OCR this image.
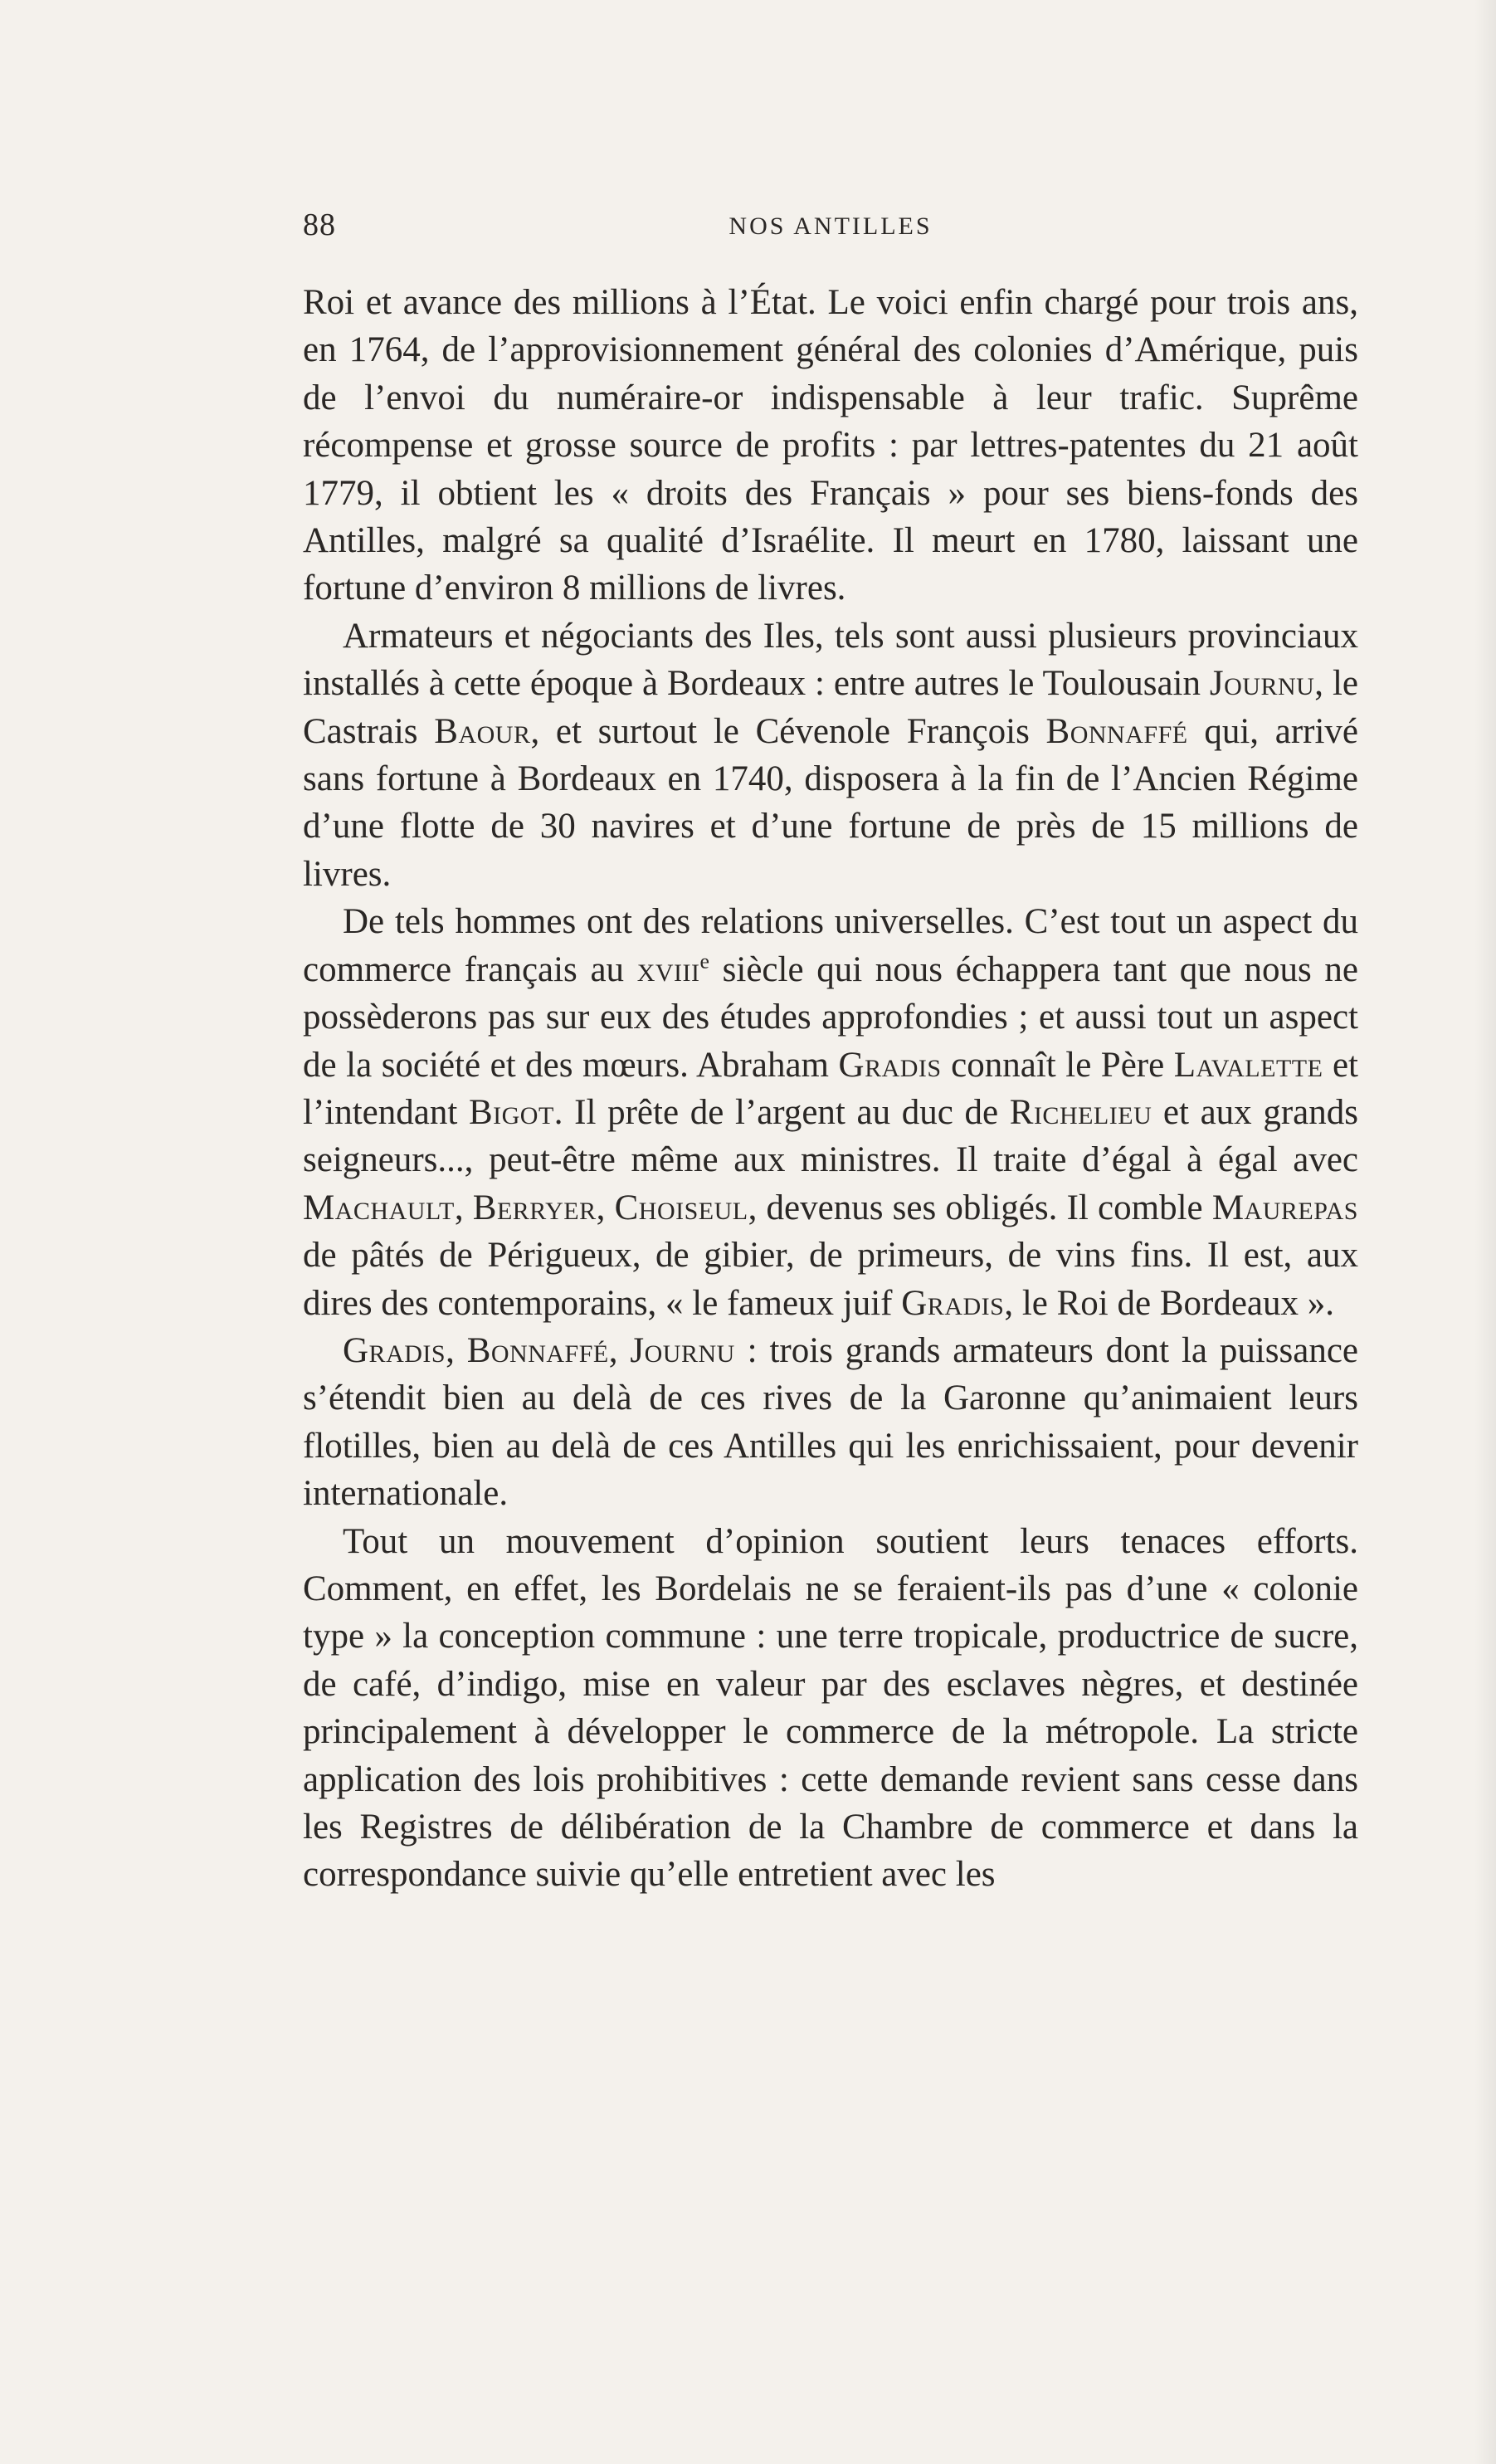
88	NOS ANTILLES

Roi et avance des millions à l’État. Le voici enfin chargé pour trois ans, en 1764, de l’approvisionnement général des colonies d’Amérique, puis de l’envoi du numéraire-or indispensable à leur trafic. Suprême récompense et grosse source de profits : par lettres-patentes du 21 août 1779, il obtient les « droits des Français » pour ses biens-fonds des Antilles, malgré sa qualité d’Israélite. Il meurt en 1780, laissant une fortune d’environ 8 millions de livres.

Armateurs et négociants des Iles, tels sont aussi plusieurs provinciaux installés à cette époque à Bordeaux : entre autres le Toulousain Journu, le Castrais Baour, et surtout le Cévenole François Bonnaffé qui, arrivé sans fortune à Bordeaux en 1740, disposera à la fin de l’Ancien Régime d’une flotte de 30 navires et d’une fortune de près de 15 millions de livres.

De tels hommes ont des relations universelles. C’est tout un aspect du commerce français au xviii$^e$ siècle qui nous échappera tant que nous ne possèderons pas sur eux des études approfondies ; et aussi tout un aspect de la société et des mœurs. Abraham Gradis connaît le Père Lavalette et l’intendant Bigot. Il prête de l’argent au duc de Richelieu et aux grands seigneurs..., peut-être même aux ministres. Il traite d’égal à égal avec Machault, Berryer, Choiseul, devenus ses obligés. Il comble Maurepas de pâtés de Périgueux, de gibier, de primeurs, de vins fins. Il est, aux dires des contemporains, « le fameux juif Gradis, le Roi de Bordeaux ».

Gradis, Bonnaffé, Journu : trois grands armateurs dont la puissance s’étendit bien au delà de ces rives de la Garonne qu’animaient leurs flotilles, bien au delà de ces Antilles qui les enrichissaient, pour devenir internationale.

Tout un mouvement d’opinion soutient leurs tenaces efforts. Comment, en effet, les Bordelais ne se feraient-ils pas d’une « colonie type » la conception commune : une terre tropicale, productrice de sucre, de café, d’indigo, mise en valeur par des esclaves nègres, et destinée principalement à développer le commerce de la métropole. La stricte application des lois prohibitives : cette demande revient sans cesse dans les Registres de délibération de la Chambre de commerce et dans la correspondance suivie qu’elle entretient avec les
